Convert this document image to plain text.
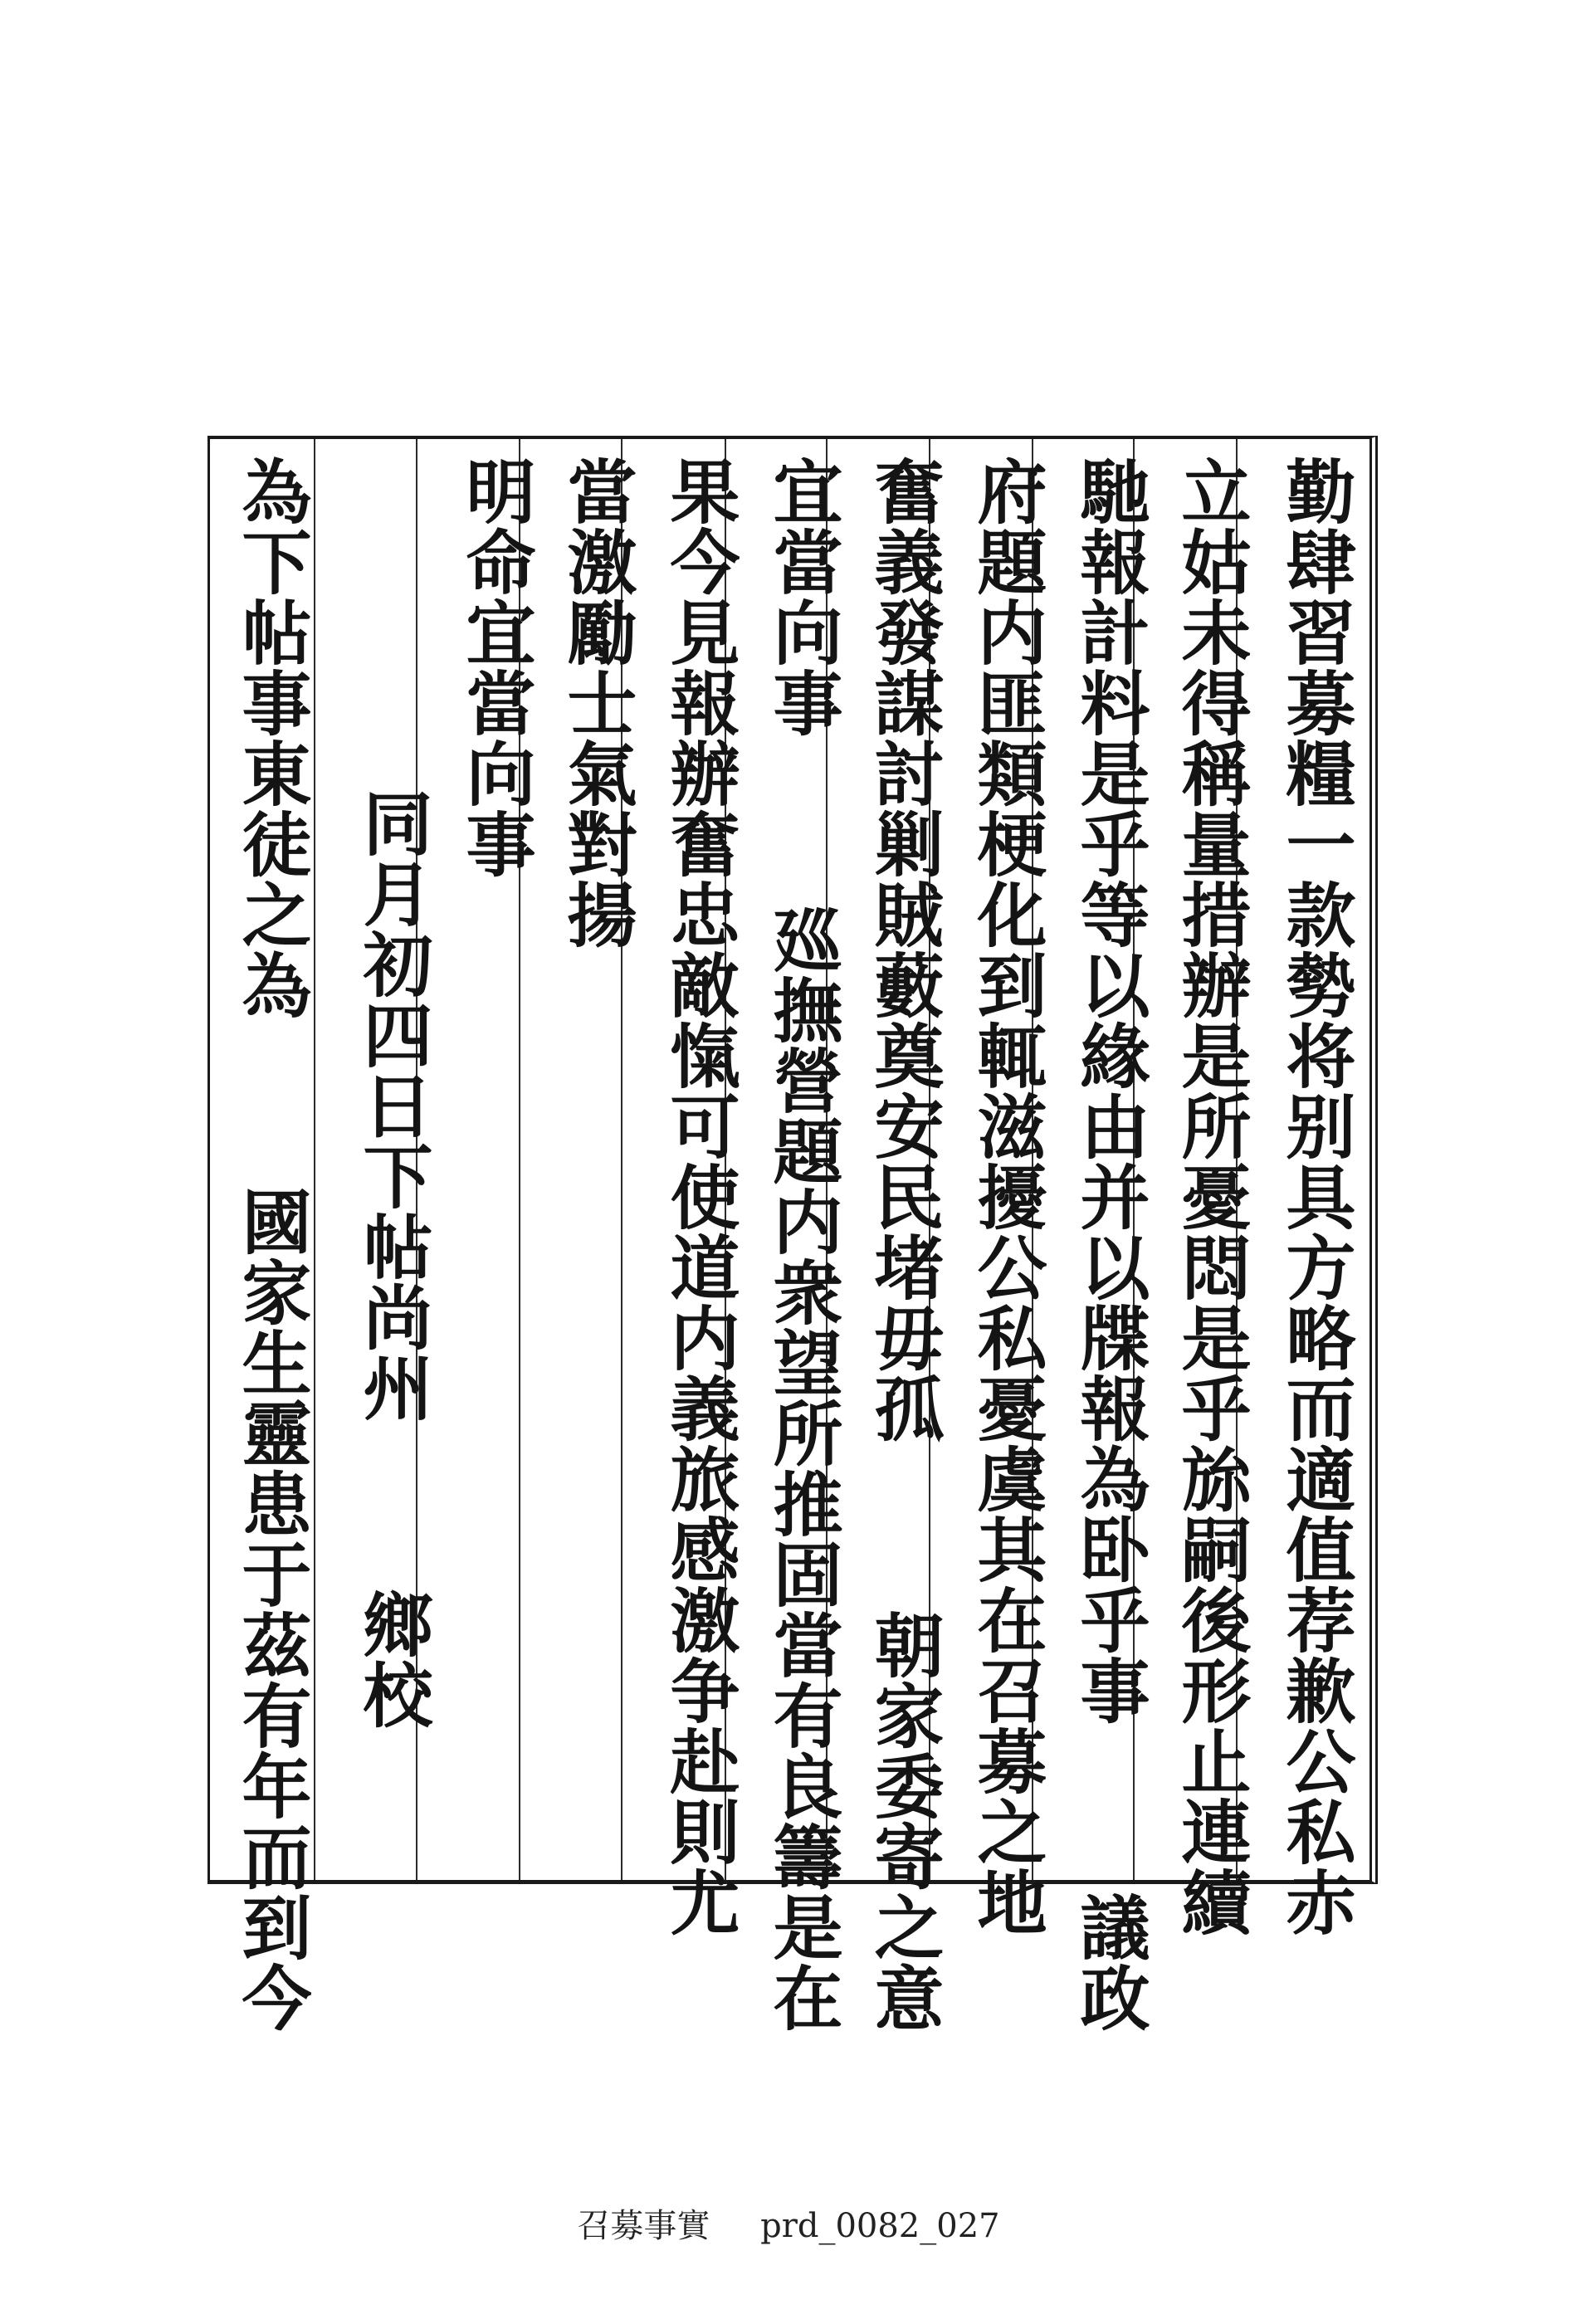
勤肆習募糧一款勢将别具方略而適值荐歉公私赤
立姑未得稱量措辦是所憂悶是乎旀嗣後形止連續
馳報計料是乎等以緣由并以牒報為卧乎事  議政
府題内匪類梗化到輒滋擾公私憂虞其在召募之地
奮義發謀討剿賊藪奠安民堵毋孤  朝家委寄之意
宜當向事  廵撫營題内衆望所推固當有良籌是在
果今見報辦奮忠敵愾可使道内義旅感激争赴則尤
當激勵士氣對揚
明命宜當向事
同月初四日下帖尚州  鄉校
為下帖事東徒之為  國家生靈患于茲有年而到今
召募事實 prd_0082_027
